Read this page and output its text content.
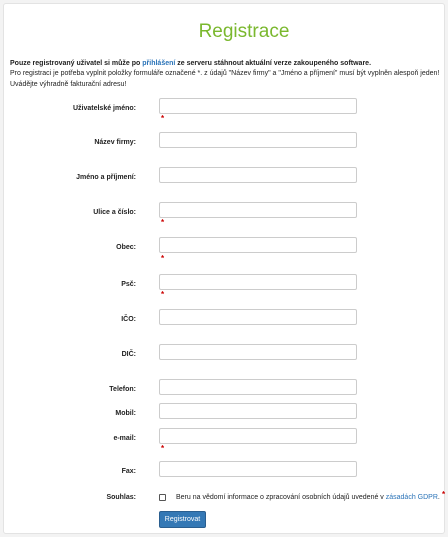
Registrace
Pouze registrovaný uživatel si může po přihlášení ze serveru stáhnout aktuální verze zakoupeného software.
Pro registraci je potřeba vyplnit položky formuláře označené *. z údajů "Název firmy" a "Jméno a příjmení" musí být vyplněn alespoň jeden!
Uvádějte výhradně fakturační adresu!
Uživatelské jméno:
*
Název firmy:
Jméno a příjmení:
Ulice a číslo:
*
Obec:
*
Psč:
*
IČO:
DIČ:
Telefon:
Mobil:
e-mail:
*
Fax:
Souhlas:	Beru na vědomí informace o zpracování osobních údajů uvedené v zásadách GDPR. *
Registrovat
